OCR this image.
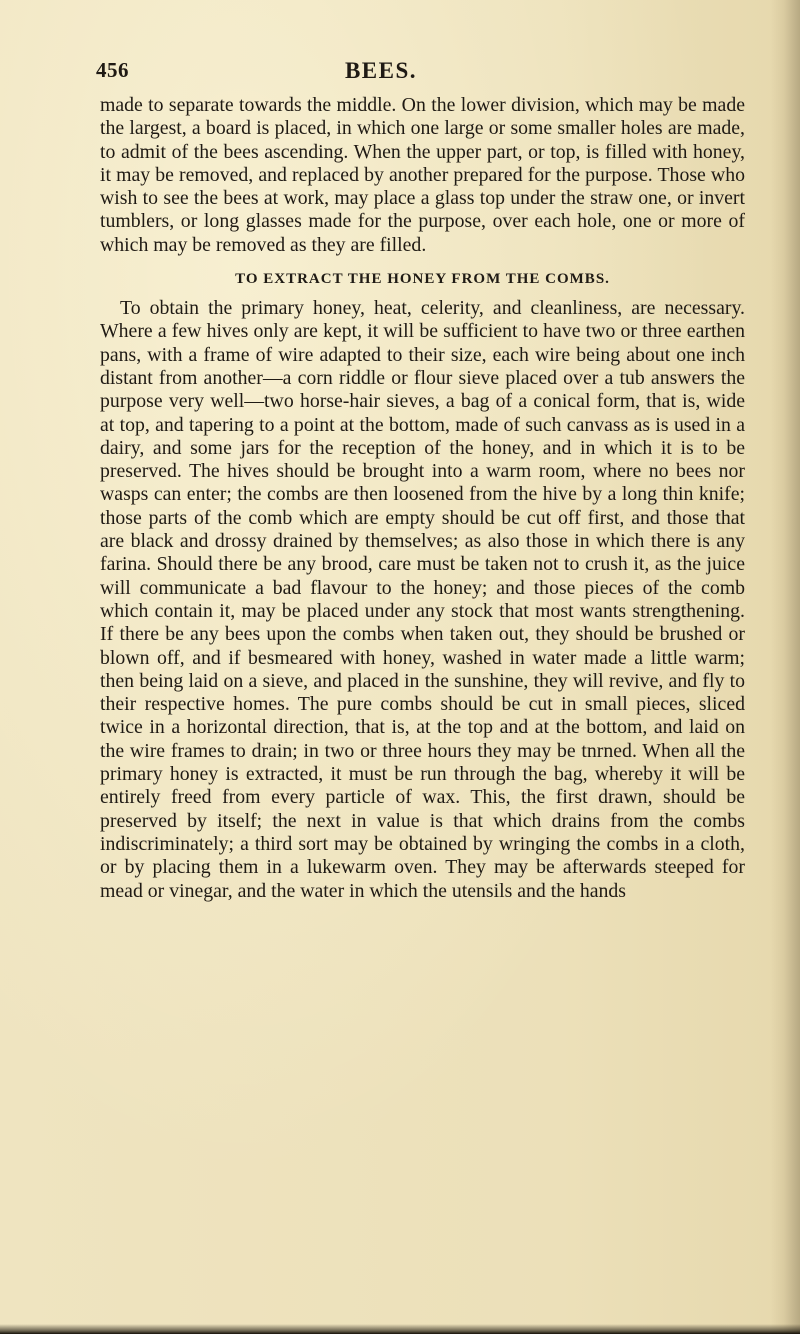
456	BEES.

made to separate towards the middle. On the lower division, which may be made the largest, a board is placed, in which one large or some smaller holes are made, to admit of the bees ascending. When the upper part, or top, is filled with honey, it may be removed, and replaced by another prepared for the purpose. Those who wish to see the bees at work, may place a glass top under the straw one, or invert tumblers, or long glasses made for the purpose, over each hole, one or more of which may be removed as they are filled.

TO EXTRACT THE HONEY FROM THE COMBS.

To obtain the primary honey, heat, celerity, and cleanliness, are necessary. Where a few hives only are kept, it will be sufficient to have two or three earthen pans, with a frame of wire adapted to their size, each wire being about one inch distant from another—a corn riddle or flour sieve placed over a tub answers the purpose very well—two horse-hair sieves, a bag of a conical form, that is, wide at top, and tapering to a point at the bottom, made of such canvass as is used in a dairy, and some jars for the reception of the honey, and in which it is to be preserved. The hives should be brought into a warm room, where no bees nor wasps can enter; the combs are then loosened from the hive by a long thin knife; those parts of the comb which are empty should be cut off first, and those that are black and drossy drained by themselves; as also those in which there is any farina. Should there be any brood, care must be taken not to crush it, as the juice will communicate a bad flavour to the honey; and those pieces of the comb which contain it, may be placed under any stock that most wants strengthening. If there be any bees upon the combs when taken out, they should be brushed or blown off, and if besmeared with honey, washed in water made a little warm; then being laid on a sieve, and placed in the sunshine, they will revive, and fly to their respective homes. The pure combs should be cut in small pieces, sliced twice in a horizontal direction, that is, at the top and at the bottom, and laid on the wire frames to drain; in two or three hours they may be tnrned. When all the primary honey is extracted, it must be run through the bag, whereby it will be entirely freed from every particle of wax. This, the first drawn, should be preserved by itself; the next in value is that which drains from the combs indiscriminately; a third sort may be obtained by wringing the combs in a cloth, or by placing them in a lukewarm oven. They may be afterwards steeped for mead or vinegar, and the water in which the utensils and the hands
